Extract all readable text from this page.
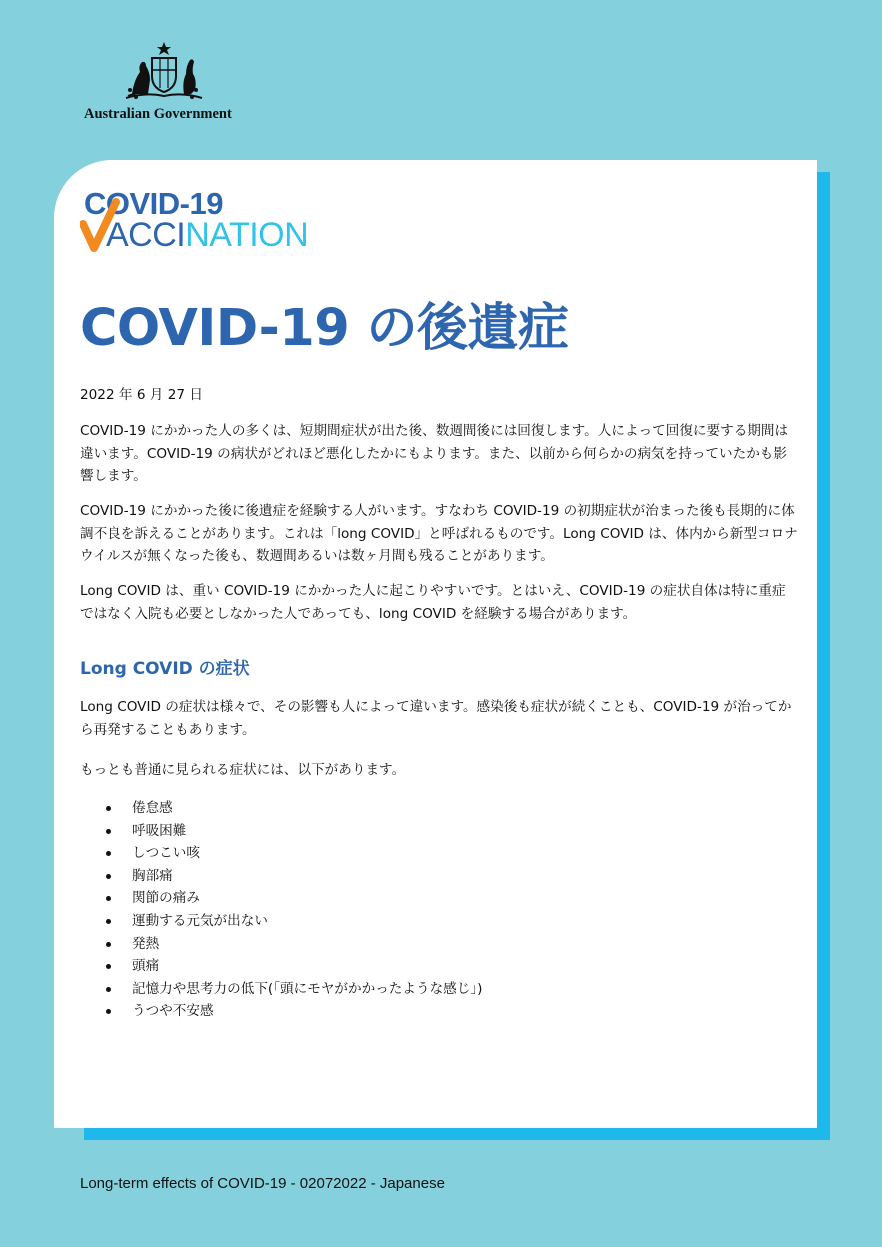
Australian Government
COVID-19
ACCINATION
COVID-19 の後遺症
2022 年 6 月 27 日
COVID-19 にかかった人の多くは、短期間症状が出た後、数週間後には回復します。人によって回復に要する期間は違います。COVID-19 の病状がどれほど悪化したかにもよります。また、以前から何らかの病気を持っていたかも影響します。
COVID-19 にかかった後に後遺症を経験する人がいます。すなわち COVID-19 の初期症状が治まった後も長期的に体調不良を訴えることがあります。これは「long COVID」と呼ばれるものです。Long COVID は、体内から新型コロナウイルスが無くなった後も、数週間あるいは数ヶ月間も残ることがあります。
Long COVID は、重い COVID-19 にかかった人に起こりやすいです。とはいえ、COVID-19 の症状自体は特に重症ではなく入院も必要としなかった人であっても、long COVID を経験する場合があります。
Long COVID の症状
Long COVID の症状は様々で、その影響も人によって違います。感染後も症状が続くことも、COVID-19 が治ってから再発することもあります。
もっとも普通に見られる症状には、以下があります。
倦怠感
呼吸困難
しつこい咳
胸部痛
関節の痛み
運動する元気が出ない
発熱
頭痛
記憶力や思考力の低下(「頭にモヤがかかったような感じ」)
うつや不安感
Long-term effects of COVID-19 - 02072022 - Japanese
